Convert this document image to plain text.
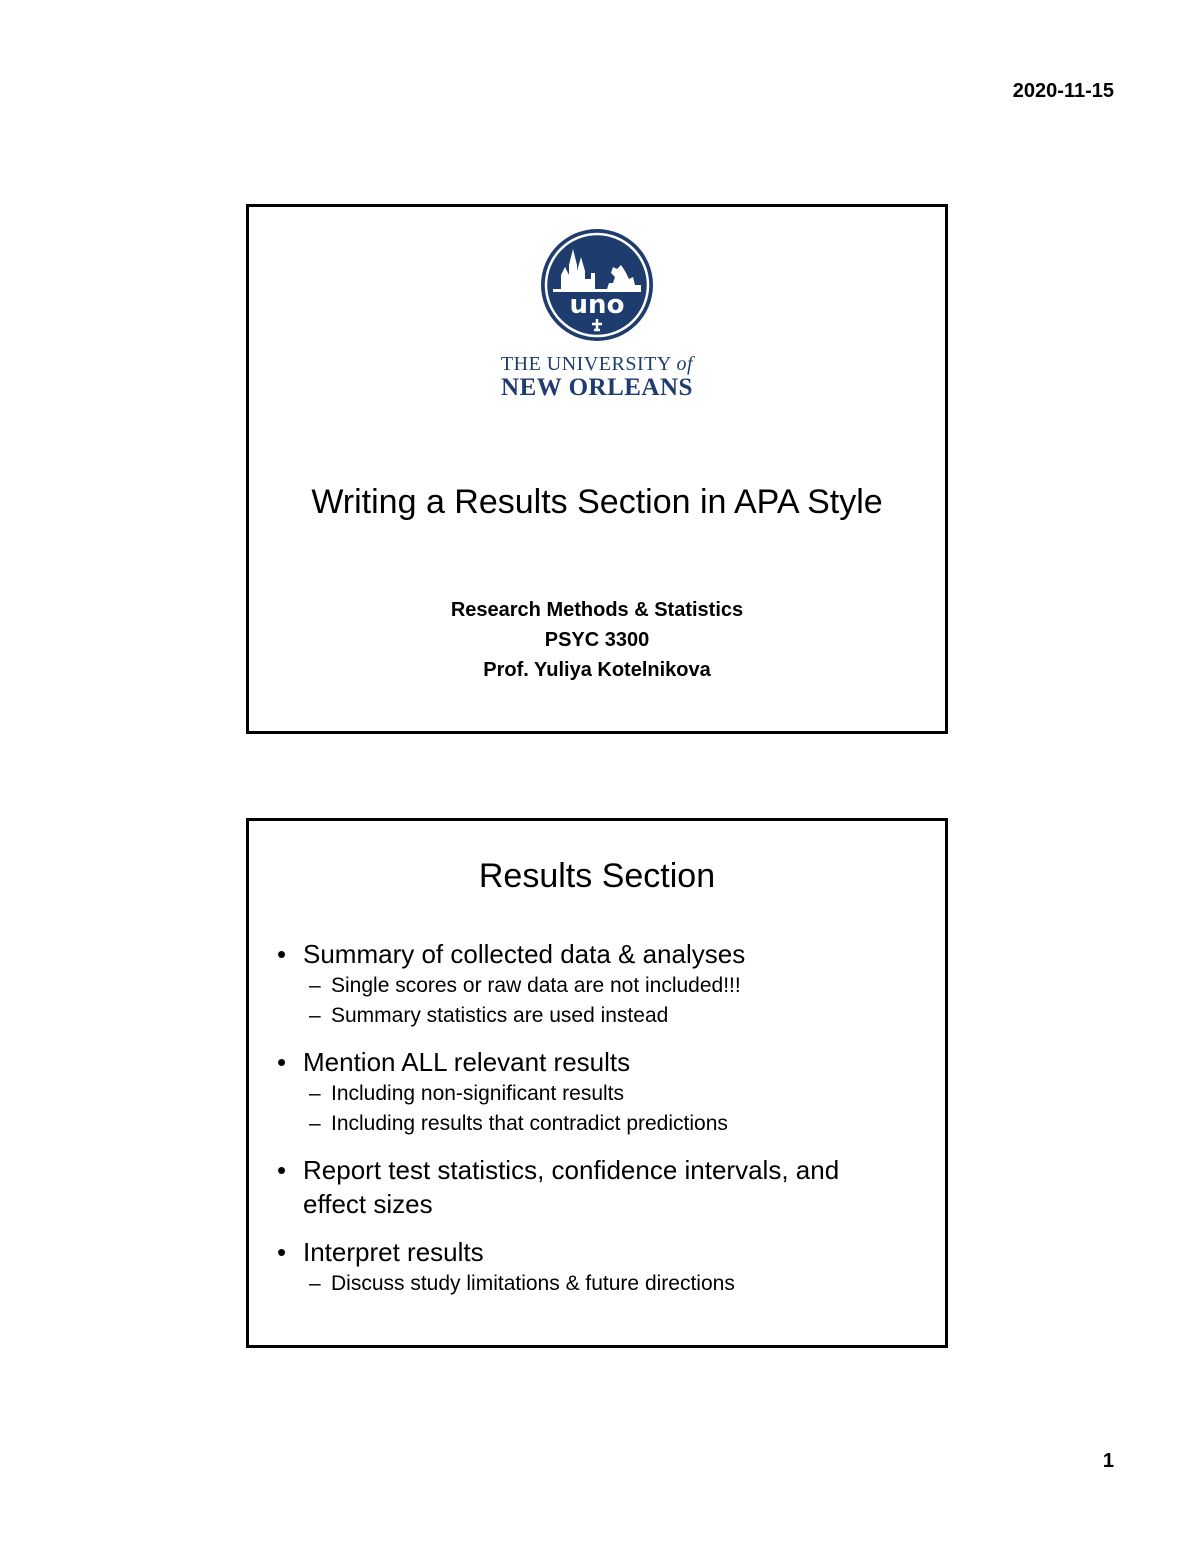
2020-11-15
uno
THE UNIVERSITY of
NEW ORLEANS
Writing a Results Section in APA Style
Research Methods & Statistics
PSYC 3300
Prof. Yuliya Kotelnikova
Results Section
• Summary of collected data & analyses
– Single scores or raw data are not included!!!
– Summary statistics are used instead
• Mention ALL relevant results
– Including non-significant results
– Including results that contradict predictions
• Report test statistics, confidence intervals, and effect sizes
• Interpret results
– Discuss study limitations & future directions
1
